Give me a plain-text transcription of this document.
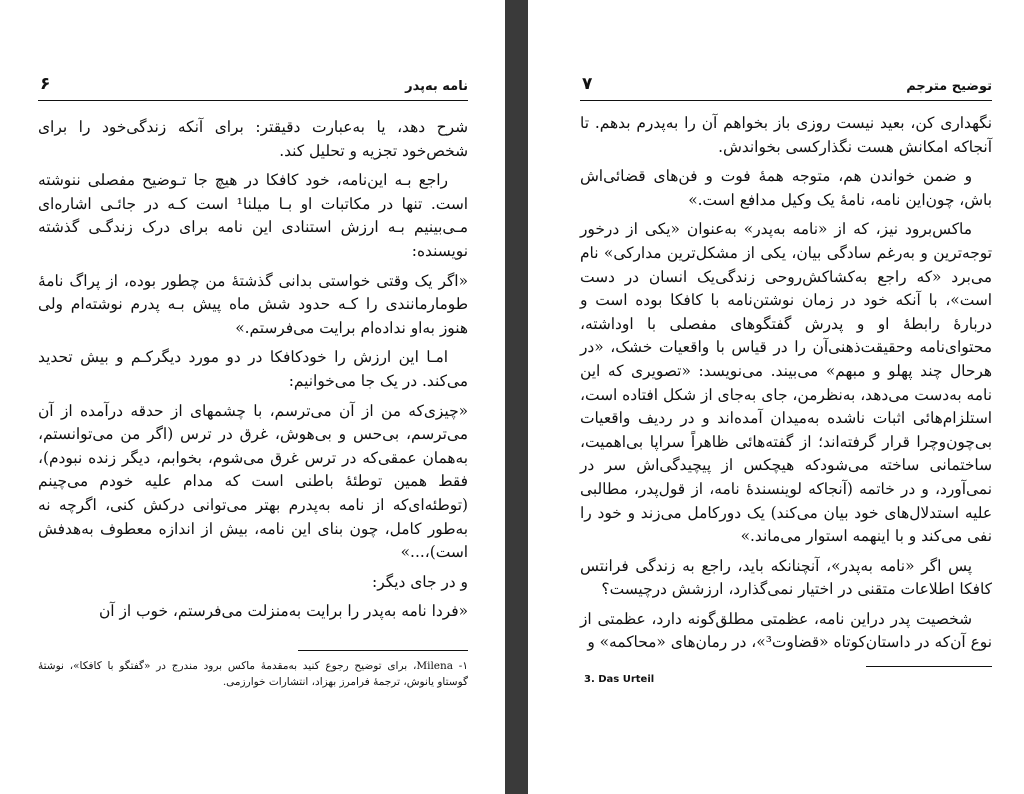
نامه به‌پدر
۶

شرح دهد، یا به‌عبارت دقیقتر: برای آنکه زندگی‌خود را برای شخص‌خود تجزیه و تحلیل کند.

راجع بـه این‌نامه، خود کافکا در هیچ جا تـوضیح مفصلی ننوشته است. تنها در مکاتبات او بـا میلنا¹ است کـه در جائـی اشاره‌ای مـی‌بینیم بـه ارزش استنادی این نامه برای درک زندگـی گذشته نویسنده:

«اگر یک وقتی خواستی بدانی گذشتهٔ من چطور بوده، از پراگ نامهٔ طومارمانندی را کـه حدود شش ماه پیش بـه پدرم نوشته‌ام ولی هنوز به‌او نداده‌ام برایت می‌فرستم.»

امـا این ارزش را خودکافکا در دو مورد دیگرکـم و بیش تحدید می‌کند. در یک جا می‌خوانیم:

«چیزی‌که من از آن می‌ترسم، با چشمهای از حدقه درآمده از آن می‌ترسم، بی‌حس و بی‌هوش، غرق در ترس (اگر من می‌توانستم، به‌همان عمقی‌که در ترس غرق می‌شوم، بخوابم، دیگر زنده نبودم)، فقط همین توطئهٔ باطنی است که مدام علیه خودم می‌چینم (توطئه‌ای‌که از نامه به‌پدرم بهتر می‌توانی درکش کنی، اگرچه نه به‌طور کامل، چون بنای این نامه، بیش از اندازه معطوف به‌هدفش است)،...»

و در جای دیگر:

«فردا نامه به‌پدر را برایت به‌منزلت می‌فرستم، خوب از آن

۱- Milena، برای توضیح رجوع کنید به‌مقدمهٔ ماکس برود مندرج در «گفتگو با کافکا»، نوشتهٔ گوستاو یانوش، ترجمهٔ فرامرز بهزاد، انتشارات خوارزمی.
توضیح مترجم
۷

نگهداری کن، بعید نیست روزی باز بخواهم آن را به‌پدرم بدهم. تا آنجاکه امکانش هست نگذارکسی بخواندش.

و ضمن خواندن هم، متوجه همهٔ فوت و فن‌های قضائی‌اش باش، چون‌این نامه، نامهٔ یک وکیل مدافع است.»

ماکس‌برود نیز، که از «نامه به‌پدر» به‌عنوان «یکی از درخور توجه‌ترین و به‌رغم سادگی بیان، یکی از مشکل‌ترین مدارکی» نام می‌برد «که راجع به‌کشاکش‌روحی زندگی‌یک انسان در دست است»، با آنکه خود در زمان نوشتن‌نامه با کافکا بوده است و دربارهٔ رابطهٔ او و پدرش گفتگوهای مفصلی با اوداشته، محتوای‌نامه وحقیقت‌ذهنی‌آن را در قیاس با واقعیات خشک، «در هرحال چند پهلو و مبهم» می‌بیند. می‌نویسد: «تصویری که این نامه به‌دست می‌دهد، به‌نظرمن، جای به‌جای از شکل افتاده است، استلزام‌هائی اثبات ناشده به‌میدان آمده‌اند و در ردیف واقعیات بی‌چون‌وچرا قرار گرفته‌اند؛ از گفته‌هائی ظاهراً سراپا بی‌اهمیت، ساختمانی ساخته می‌شودکه هیچکس از پیچیدگی‌اش سر در نمی‌آورد، و در خاتمه (آنجاکه لوینسندهٔ نامه، از قول‌پدر، مطالبی علیه استدلال‌های خود بیان می‌کند) یک دورکامل می‌زند و خود را نفی می‌کند و با اینهمه استوار می‌ماند.»

پس اگر «نامه به‌پدر»، آنچنانکه باید، راجع به زندگی فرانتس کافکا اطلاعات متقنی در اختیار نمی‌گذارد، ارزشش درچیست؟

شخصیت پدر دراین نامه، عظمتی مطلق‌گونه دارد، عظمتی از نوع آن‌که در داستان‌کوتاه «قضاوت³»، در رمان‌های «محاکمه» و

3. Das Urteil
